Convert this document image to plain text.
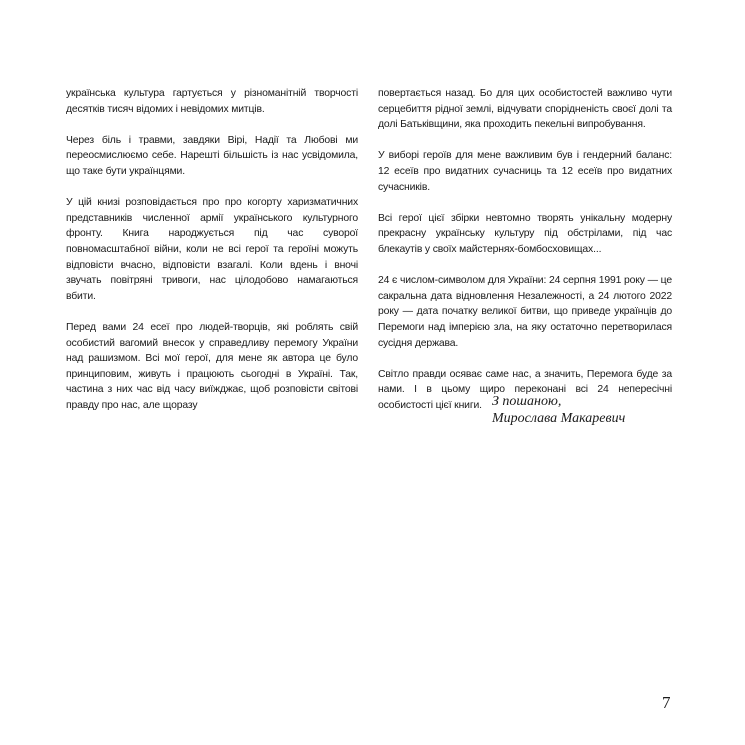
українська культура гартується у різноманітній творчості десятків тисяч відомих і невідомих митців.

Через біль і травми, завдяки Вірі, Надії та Любові ми переосмислюємо себе. Нарешті більшість із нас усвідомила, що таке бути українцями.

У цій книзі розповідається про про когорту харизматичних представників численної армії українського культурного фронту. Книга народжується під час суворої повномасштабної війни, коли не всі герої та героїні можуть відповісти вчасно, відповісти взагалі. Коли вдень і вночі звучать повітряні тривоги, нас цілодобово намагаються вбити.

Перед вами 24 есеї про людей-творців, які роблять свій особистий вагомий внесок у справедливу перемогу України над рашизмом. Всі мої герої, для мене як автора це було принциповим, живуть і працюють сьогодні в Україні. Так, частина з них час від часу виїжджає, щоб розповісти світові правду про нас, але щоразу

повертається назад. Бо для цих особистостей важливо чути серцебиття рідної землі, відчувати спорідненість своєї долі та долі Батьківщини, яка проходить пекельні випробування.

У виборі героїв для мене важливим був і гендерний баланс: 12 есеїв про видатних сучасниць та 12 есеїв про видатних сучасників.

Всі герої цієї збірки невтомно творять унікальну модерну прекрасну українську культуру під обстрілами, під час блекаутів у своїх майстернях-бомбосховищах...

24 є числом-символом для України: 24 серпня 1991 року — це сакральна дата відновлення Незалежності, а 24 лютого 2022 року — дата початку великої битви, що приведе українців до Перемоги над імперією зла, на яку остаточно перетворилася сусідня держава.

Світло правди осяває саме нас, а значить, Перемога буде за нами. І в цьому щиро переконані всі 24 непересічні особистості цієї книги. З пошаною,
Мирослава Макаревич
7
